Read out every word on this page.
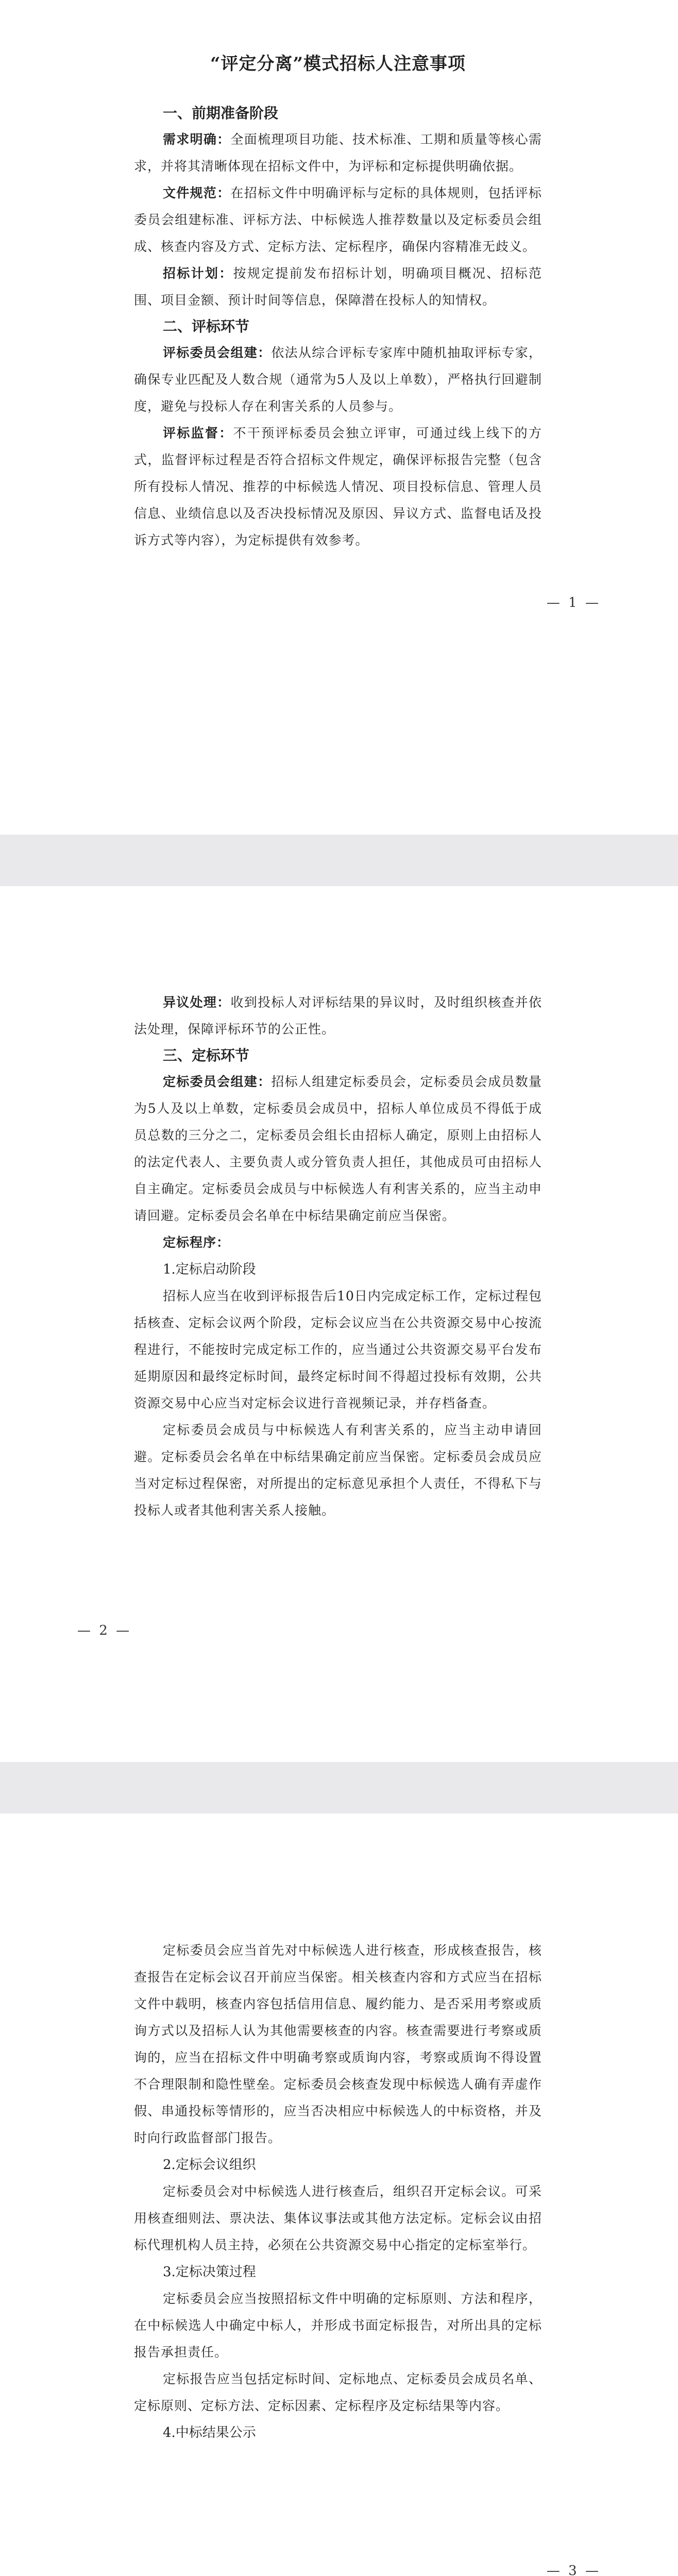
“评定分离”模式招标人注意事项

一、前期准备阶段

需求明确：全面梳理项目功能、技术标准、工期和质量等核心需求，并将其清晰体现在招标文件中，为评标和定标提供明确依据。

文件规范：在招标文件中明确评标与定标的具体规则，包括评标委员会组建标准、评标方法、中标候选人推荐数量以及定标委员会组成、核查内容及方式、定标方法、定标程序，确保内容精准无歧义。

招标计划：按规定提前发布招标计划，明确项目概况、招标范围、项目金额、预计时间等信息，保障潜在投标人的知情权。

二、评标环节

评标委员会组建：依法从综合评标专家库中随机抽取评标专家，确保专业匹配及人数合规（通常为5人及以上单数），严格执行回避制度，避免与投标人存在利害关系的人员参与。

评标监督：不干预评标委员会独立评审，可通过线上线下的方式，监督评标过程是否符合招标文件规定，确保评标报告完整（包含所有投标人情况、推荐的中标候选人情况、项目投标信息、管理人员信息、业绩信息以及否决投标情况及原因、异议方式、监督电话及投诉方式等内容），为定标提供有效参考。

— 1 —

异议处理：收到投标人对评标结果的异议时，及时组织核查并依法处理，保障评标环节的公正性。

三、定标环节

定标委员会组建：招标人组建定标委员会，定标委员会成员数量为5人及以上单数，定标委员会成员中，招标人单位成员不得低于成员总数的三分之二，定标委员会组长由招标人确定，原则上由招标人的法定代表人、主要负责人或分管负责人担任，其他成员可由招标人自主确定。定标委员会成员与中标候选人有利害关系的，应当主动申请回避。定标委员会名单在中标结果确定前应当保密。

定标程序：

1.定标启动阶段

招标人应当在收到评标报告后10日内完成定标工作，定标过程包括核查、定标会议两个阶段，定标会议应当在公共资源交易中心按流程进行，不能按时完成定标工作的，应当通过公共资源交易平台发布延期原因和最终定标时间，最终定标时间不得超过投标有效期，公共资源交易中心应当对定标会议进行音视频记录，并存档备查。

定标委员会成员与中标候选人有利害关系的，应当主动申请回避。定标委员会名单在中标结果确定前应当保密。定标委员会成员应当对定标过程保密，对所提出的定标意见承担个人责任，不得私下与投标人或者其他利害关系人接触。

— 2 —

定标委员会应当首先对中标候选人进行核查，形成核查报告，核查报告在定标会议召开前应当保密。相关核查内容和方式应当在招标文件中载明，核查内容包括信用信息、履约能力、是否采用考察或质询方式以及招标人认为其他需要核查的内容。核查需要进行考察或质询的，应当在招标文件中明确考察或质询内容，考察或质询不得设置不合理限制和隐性壁垒。定标委员会核查发现中标候选人确有弄虚作假、串通投标等情形的，应当否决相应中标候选人的中标资格，并及时向行政监督部门报告。

2.定标会议组织

定标委员会对中标候选人进行核查后，组织召开定标会议。可采用核查细则法、票决法、集体议事法或其他方法定标。定标会议由招标代理机构人员主持，必须在公共资源交易中心指定的定标室举行。

3.定标决策过程

定标委员会应当按照招标文件中明确的定标原则、方法和程序，在中标候选人中确定中标人，并形成书面定标报告，对所出具的定标报告承担责任。

定标报告应当包括定标时间、定标地点、定标委员会成员名单、定标原则、定标方法、定标因素、定标程序及定标结果等内容。

4.中标结果公示

— 3 —
